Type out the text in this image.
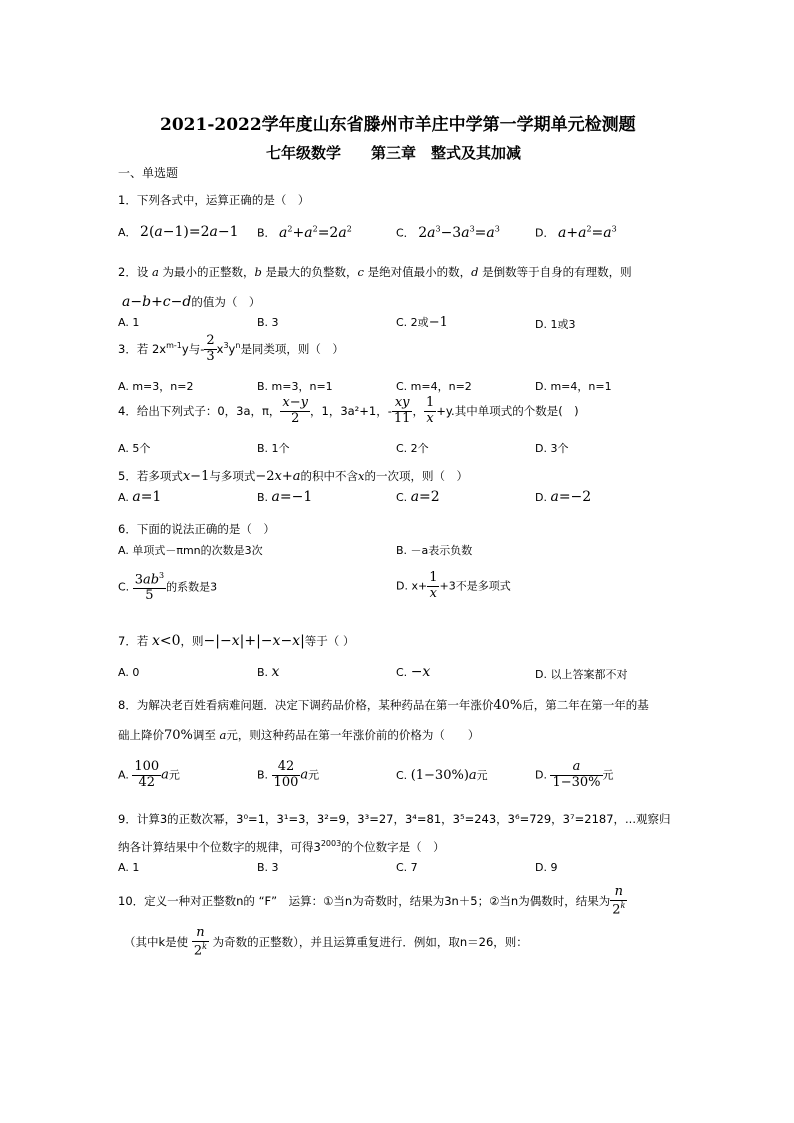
2021-2022学年度山东省滕州市羊庄中学第一学期单元检测题
七年级数学　　第三章　整式及其加减
一、单选题
1．下列各式中，运算正确的是（　）
A． 2(a−1)=2a−1 B． $a^2+a^2=2a^2$	C． $2a^3-3a^3=a^3$	D． $a+a^2=a^3$
2．设 a 为最小的正整数，b 是最大的负整数，c 是绝对值最小的数，d 是倒数等于自身的有理数，则
a−b+c−d的值为（　）
A. 1	B. 3	C. 2或−1	D. 1或3
3．若 $2x^{m-1}y$与- $\frac{2}{3} x^3y^n$是同类项，则（　）
A. m=3，n=2	B. m=3，n=1	C. m=4，n=2	D. m=4，n=1
4．给出下列式子：0，3a，π， $\frac{x-y}{2}$ ，1，3a²+1，- $\frac{xy}{11}$ ， $\frac{1}{x} +y$.其中单项式的个数是(　)
A. 5个	B. 1个	C. 2个	D. 3个
5．若多项式x−1与多项式−2x+a的积中不含x的一次项，则（　）
A. a=1	B. a=−1	C. a=2	D. a=−2
6．下面的说法正确的是（　）
A. 单项式－πmn的次数是3次	B. －a表示负数
C. $\frac{3ab^3}{5}$ 的系数是3	D. $x+ \frac{1}{x} +3$不是多项式
7．若 x<0，则−|−x|+|−x−x|等于（ ）
A. 0	B. x	C. −x	D. 以上答案都不对
8．为解决老百姓看病难问题．决定下调药品价格，某种药品在第一年涨价40%后，第二年在第一年的基
础上降价70%调至 a元，则这种药品在第一年涨价前的价格为（　　）
A. $\frac{100}{42}$ a元	B. $\frac{42}{100}$ a元	C. (1−30%)a元	D. $\frac{a}{1-30\%}$ 元
9．计算3的正数次幂，3⁰=1，3¹=3，3²=9，3³=27，3⁴=81，3⁵=243，3⁶=729，3⁷=2187，...观察归
纳各计算结果中个位数字的规律，可得$3^{2003}$的个位数字是（　）
A. 1	B. 3	C. 7	D. 9
10．定义一种对正整数n的 “F”　运算：①当n为奇数时，结果为3n＋5；②当n为偶数时，结果为 $\frac{n}{2^k}$
（其中k是使 $\frac{n}{2^k}$ 为奇数的正整数），并且运算重复进行．例如，取n＝26，则：
